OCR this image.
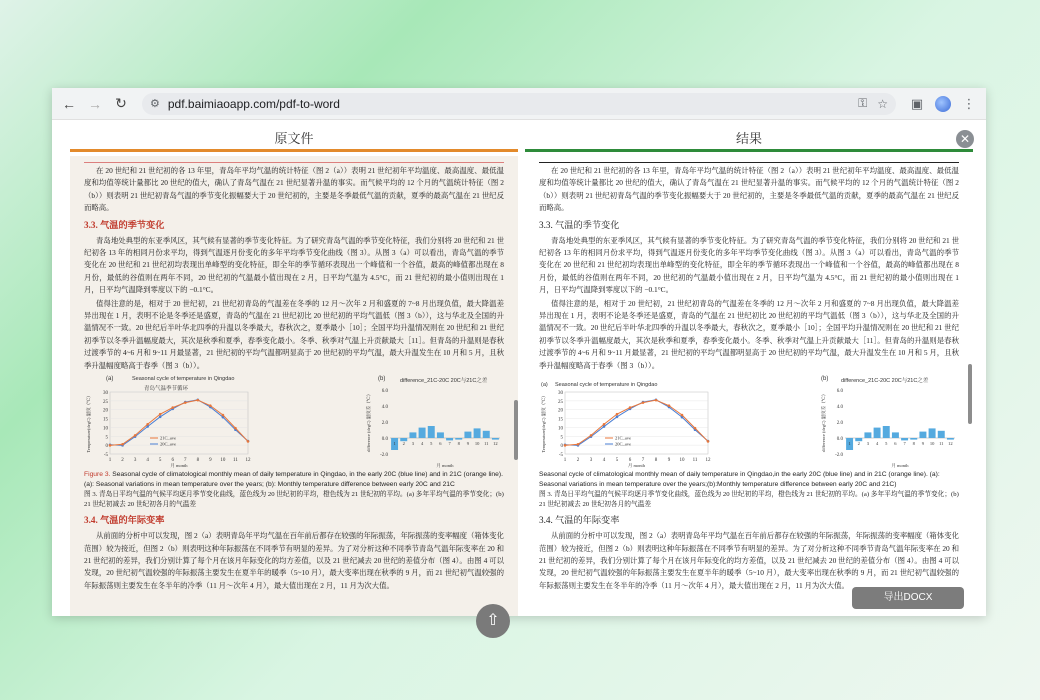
← → ↻	⚙ pdf.baimiaoapp.com/pdf-to-word	⚿ ☆	▣	⋮
原文件	结果	✕

在 20 世纪和 21 世纪初的各 13 年里，青岛年平均气温的统计特征（图 2（a））表明 21 世纪初年平均温度、最高温度、最低温度和均值等统计量都比 20 世纪的值大，确认了青岛气温在 21 世纪显著升温的事实。而气候平均的 12 个月的气温统计特征（图 2（b））则表明 21 世纪初青岛气温的季节变化振幅要大于 20 世纪初的，主要是冬季最低气温的贡献，夏季的最高气温在 21 世纪反而略高。

3.3. 气温的季节变化

青岛地处典型的东亚季风区，其气候有显著的季节变化特征。为了研究青岛气温的季节变化特征，我们分别将 20 世纪和 21 世纪初各 13 年的相同月份求平均，得到气温逐月份变化的多年平均季节变化曲线（图 3）。从图 3（a）可以看出，青岛气温的季节变化在 20 世纪和 21 世纪初均表现出单峰型的变化特征，即全年的季节循环表现出一个峰值和一个谷值，最高的峰值都出现在 8 月份，最低的谷值则在两年不同，20 世纪初的气温最小值出现在 2 月，日平均气温为 4.5°C，而 21 世纪初的最小值则出现在 1 月，日平均气温降到零度以下的 −0.1°C。

值得注意的是，相对于 20 世纪初，21 世纪初青岛的气温差在冬季的 12 月～次年 2 月和盛夏的 7~8 月出现负值，最大降温差异出现在 1 月，表明不论是冬季还是盛夏，青岛的气温在 21 世纪初比 20 世纪初的平均气温低（图 3（b）），这与华北及全国的升温情况不一致。20 世纪后半叶华北四季的升温以冬季最大，春秋次之，夏季最小［10］；全国平均升温情况则在 20 世纪和 21 世纪初季节以冬季升温幅度最大，其次是秋季和夏季，春季变化最小。冬季、秋季对气温上升贡献最大［11］。但青岛的升温则是春秋过渡季节的 4~6 月和 9~11 月最显著，21 世纪初的平均气温都明显高于 20 世纪初的平均气温，最大升温发生在 10 月和 5 月，且秋季升温幅度略高于春季（图 3（b））。

(a)	Seasonal cycle of temperature in Qingdao
青岛气温季节循环
-5
0
5
10
15
20
25
30
1 2 3 4 5 6 7 8 9 10 11 12
月 month
Temperature(degC) 温度（℃）	20C_ave
21C_ave
(b)	difference_21C-20C 20C与21C之差
-2.0
0.0
2.0
4.0
6.0
1 2 3 4 5 6 7 8 9 10 11 12
月 month
difference (degC) 温度差（℃）
Figure 3. Seasonal cycle of climatological monthly mean of daily temperature in Qingdao, in the early 20C (blue line) and in 21C (orange line). (a): Seasonal variations in mean temperature over the years; (b): Monthly temperature difference between early 20C and 21C
图 3. 青岛日平均气温的气候平均逐月季节变化曲线，蓝色线为 20 世纪初的平均，橙色线为 21 世纪初的平均。(a) 多年平均气温的季节变化；(b) 21 世纪初减去 20 世纪初各月的气温差
3.4. 气温的年际变率

从前面的分析中可以发现，图 2（a）表明青岛年平均气温在百年前后都存在较强的年际振荡，年际振荡的变率幅度（箱体变化范围）较为接近，但图 2（b）则表明这种年际振荡在不同季节有明显的差异。为了对分析这种不同季节青岛气温年际变率在 20 和 21 世纪初的差异，我们分别计算了每个月在该月年际变化的均方差值，以及 21 世纪减去 20 世纪的差值分布（图 4）。由图 4 可以发现，20 世纪初气温较强的年际振荡主要发生在夏半年的暖季（5~10 月），最大变率出现在秋季的 9 月，而 21 世纪初气温较强的年际振荡则主要发生在冬半年的冷季（11 月～次年 4 月），最大值出现在 2 月，11 月为次大值。

在 20 世纪和 21 世纪初的各 13 年里，青岛年平均气温的统计特征（图 2（a））表明 21 世纪初年平均温度、最高温度、最低温度和均值等统计量都比 20 世纪的值大，确认了青岛气温在 21 世纪显著升温的事实。而气候平均的 12 个月的气温统计特征（图 2（b））则表明 21 世纪初青岛气温的季节变化振幅要大于 20 世纪初的，主要是冬季最低气温的贡献，夏季的最高气温在 21 世纪反而略高。

3.3. 气温的季节变化

青岛地处典型的东亚季风区，其气候有显著的季节变化特征。为了研究青岛气温的季节变化特征，我们分别将 20 世纪和 21 世纪初各 13 年的相同月份求平均，得到气温逐月份变化的多年平均季节变化曲线（图 3）。从图 3（a）可以看出，青岛气温的季节变化在 20 世纪和 21 世纪初均表现出单峰型的变化特征，即全年的季节循环表现出一个峰值和一个谷值，最高的峰值都出现在 8 月份，最低的谷值则在两年不同，20 世纪初的气温最小值出现在 2 月，日平均气温为 4.5°C，而 21 世纪初的最小值则出现在 1 月，日平均气温降到零度以下的 −0.1°C。

值得注意的是，相对于 20 世纪初，21 世纪初青岛的气温差在冬季的 12 月～次年 2 月和盛夏的 7~8 月出现负值，最大降温差异出现在 1 月，表明不论是冬季还是盛夏，青岛的气温在 21 世纪初比 20 世纪初的平均气温低（图 3（b）），这与华北及全国的升温情况不一致。20 世纪后半叶华北四季的升温以冬季最大，春秋次之，夏季最小［10］；全国平均升温情况则在 20 世纪和 21 世纪初季节以冬季升温幅度最大，其次是秋季和夏季，春季变化最小。冬季、秋季对气温上升贡献最大［11］。但青岛的升温则是春秋过渡季节的 4~6 月和 9~11 月最显著，21 世纪初的平均气温都明显高于 20 世纪初的平均气温，最大升温发生在 10 月和 5 月，且秋季升温幅度略高于春季（图 3（b））。

(a) Seasonal cycle of temperature in Qingdao
-5
0
5
10
15
20
25
30
1 2 3 4 5 6 7 8 9 10 11 12
月 month
Temperature(degC) 温度（℃）	20C_ave
21C_ave
(b) difference_21C-20C 20C与21C之差
-2.0
0.0
2.0
4.0
6.0
1 2 3 4 5 6 7 8 9 10 11 12
月 month
difference (degC) 温度差（℃）
Seasonal cycle of climatological monthly mean of daily temperature in Qingdao,in the early 20C (blue line) and in 21C (orange line). (a): Seasonal variations in mean temperature over the years;(b):Monthly temperature difference between early 20C and 21C)
图 3. 青岛日平均气温的气候平均逐月季节变化曲线，蓝色线为 20 世纪初的平均，橙色线为 21 世纪初的平均。(a) 多年平均气温的季节变化；(b) 21 世纪初减去 20 世纪初各月的气温差
3.4. 气温的年际变率

从前面的分析中可以发现，图 2（a）表明青岛年平均气温在百年前后都存在较强的年际振荡，年际振荡的变率幅度（箱体变化范围）较为接近，但图 2（b）则表明这种年际振荡在不同季节有明显的差异。为了对分析这种不同季节青岛气温年际变率在 20 和 21 世纪初的差异，我们分别计算了每个月在该月年际变化的均方差值，以及 21 世纪减去 20 世纪的差值分布（图 4）。由图 4 可以发现，20 世纪初气温较强的年际振荡主要发生在夏半年的暖季（5~10 月），最大变率出现在秋季的 9 月，而 21 世纪初气温较强的年际振荡则主要发生在冬半年的冷季（11 月～次年 4 月），最大值出现在 2 月，11 月为次大值。

⇧
导出DOCX
